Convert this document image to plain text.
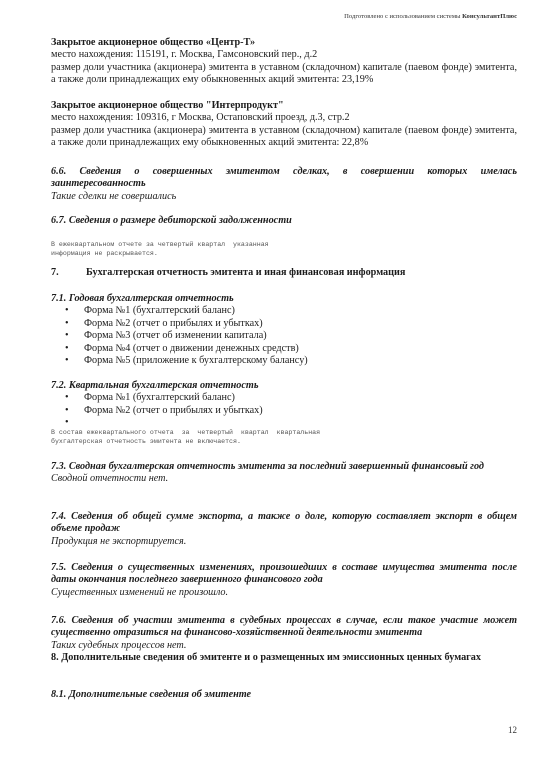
Подготовлено с использованием системы КонсультантПлюс
Закрытое акционерное общество «Центр-Т»
место нахождения: 115191, г. Москва, Гамсоновский пер., д.2
размер доли участника (акционера) эмитента в уставном (складочном) капитале (паевом фонде) эмитента, а также доли принадлежащих ему обыкновенных акций эмитента: 23,19%
Закрытое акционерное общество "Интерпродукт"
место нахождения: 109316, г Москва, Остаповский проезд, д.3, стр.2
размер доли участника (акционера) эмитента в уставном (складочном) капитале (паевом фонде) эмитента, а также доли принадлежащих ему обыкновенных акций эмитента: 22,8%
6.6. Сведения о совершенных эмитентом сделках, в совершении которых имелась заинтересованность
Такие сделки не совершались
6.7. Сведения о размере дебиторской задолженности
В ежеквартальном отчете за четвертый квартал  указанная
информация не раскрывается.
7.	Бухгалтерская отчетность эмитента и иная финансовая информация
7.1. Годовая бухгалтерская отчетность
• Форма №1 (бухгалтерский баланс)
• Форма №2 (отчет о прибылях и убытках)
• Форма №3 (отчет об изменении капитала)
• Форма №4 (отчет о движении денежных средств)
• Форма №5 (приложение к бухгалтерскому балансу)
7.2. Квартальная бухгалтерская отчетность
• Форма №1 (бухгалтерский баланс)
• Форма №2 (отчет о прибылях и убытках)
•
В состав ежеквартального отчета  за  четвертый  квартал  квартальная
бухгалтерская отчетность эмитента не включается.
7.3. Сводная бухгалтерская отчетность эмитента за последний завершенный финансовый год
Сводной отчетности нет.
7.4. Сведения об общей сумме экспорта, а также о доле, которую составляет экспорт в общем объеме продаж
Продукция не экспортируется.
7.5. Сведения о существенных изменениях, произошедших в составе имущества эмитента после даты окончания последнего завершенного финансового года
Существенных изменений не произошло.
7.6. Сведения об участии эмитента в судебных процессах в случае, если такое участие может существенно отразиться на финансово-хозяйственной деятельности эмитента
Таких судебных процессов нет.
8. Дополнительные сведения об эмитенте и о размещенных им эмиссионных ценных бумагах
8.1. Дополнительные сведения об эмитенте
12
